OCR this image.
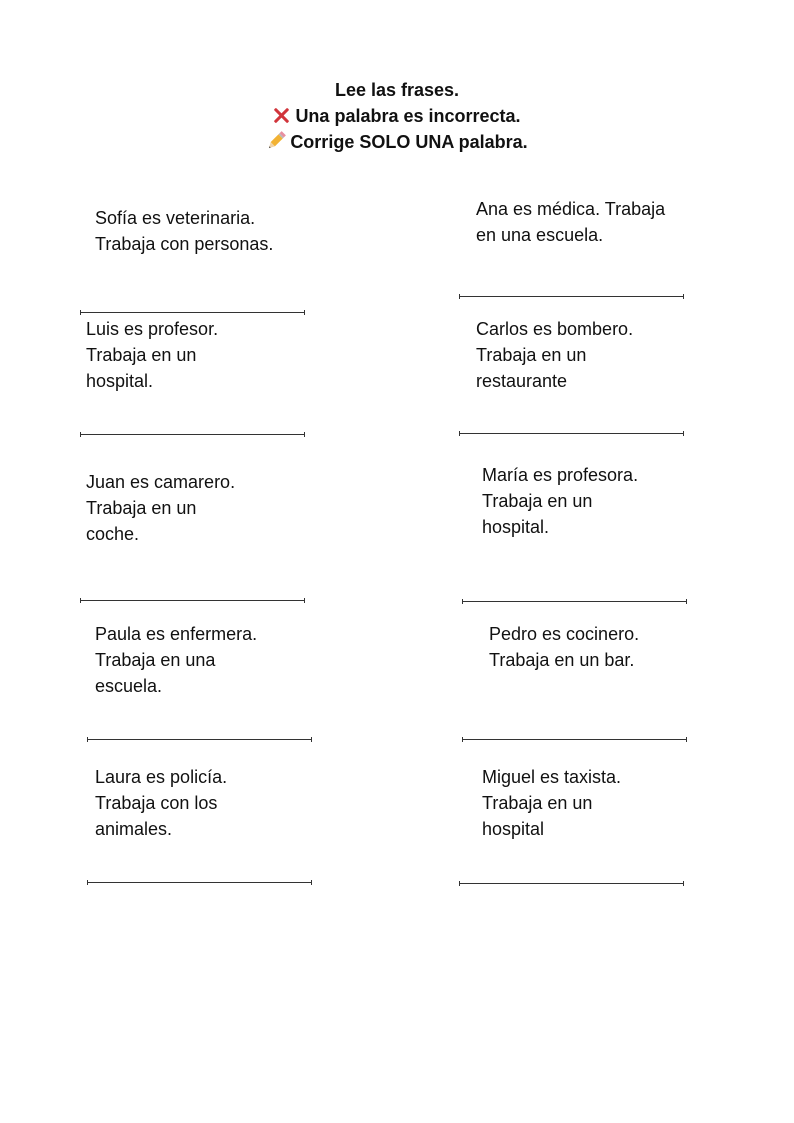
Lee las frases.
Una palabra es incorrecta.
Corrige SOLO UNA palabra.
Sofía es veterinaria.
Trabaja con personas.
Ana es médica. Trabaja
en una escuela.
Luis es profesor.
Trabaja en un
hospital.
Carlos es bombero.
Trabaja en un
restaurante
Juan es camarero.
Trabaja en un
coche.
María es profesora.
Trabaja en un
hospital.
Paula es enfermera.
Trabaja en una
escuela.
Pedro es cocinero.
Trabaja en un bar.
Laura es policía.
Trabaja con los
animales.
Miguel es taxista.
Trabaja en un
hospital
